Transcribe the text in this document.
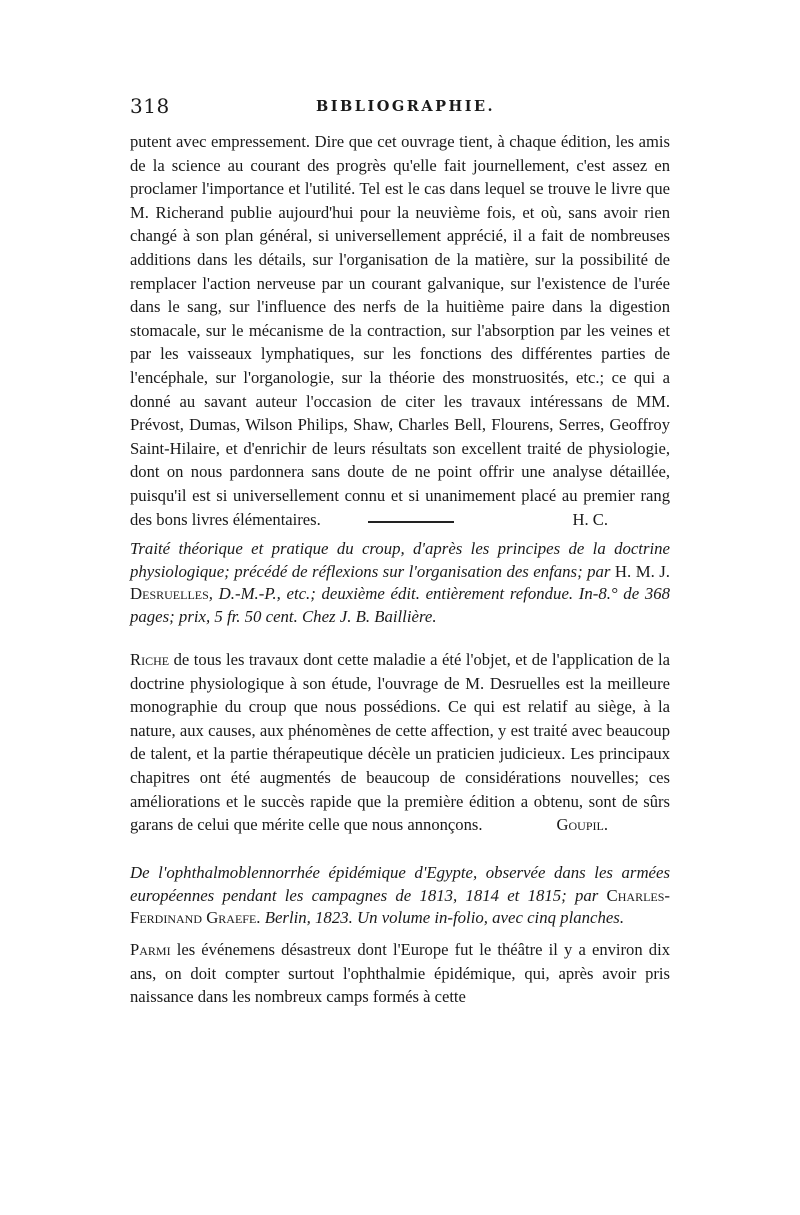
318	BIBLIOGRAPHIE.
putent avec empressement. Dire que cet ouvrage tient, à chaque édition, les amis de la science au courant des progrès qu'elle fait journellement, c'est assez en proclamer l'importance et l'utilité. Tel est le cas dans lequel se trouve le livre que M. Richerand publie aujourd'hui pour la neuvième fois, et où, sans avoir rien changé à son plan général, si universellement apprécié, il a fait de nombreuses additions dans les détails, sur l'organisation de la matière, sur la possibilité de remplacer l'action nerveuse par un courant galvanique, sur l'existence de l'urée dans le sang, sur l'influence des nerfs de la huitième paire dans la digestion stomacale, sur le mécanisme de la contraction, sur l'absorption par les veines et par les vaisseaux lymphatiques, sur les fonctions des différentes parties de l'encéphale, sur l'organologie, sur la théorie des monstruosités, etc.; ce qui a donné au savant auteur l'occasion de citer les travaux intéressans de MM. Prévost, Dumas, Wilson Philips, Shaw, Charles Bell, Flourens, Serres, Geoffroy Saint-Hilaire, et d'enrichir de leurs résultats son excellent traité de physiologie, dont on nous pardonnera sans doute de ne point offrir une analyse détaillée, puisqu'il est si universellement connu et si unanimement placé au premier rang des bons livres élémentaires.	H. C.
Traité théorique et pratique du croup, d'après les principes de la doctrine physiologique; précédé de réflexions sur l'organisation des enfans; par H. M. J. Desruelles, D.-M.-P., etc.; deuxième édit. entièrement refondue. In-8.° de 368 pages; prix, 5 fr. 50 cent. Chez J. B. Baillière.
Riche de tous les travaux dont cette maladie a été l'objet, et de l'application de la doctrine physiologique à son étude, l'ouvrage de M. Desruelles est la meilleure monographie du croup que nous possédions. Ce qui est relatif au siège, à la nature, aux causes, aux phénomènes de cette affection, y est traité avec beaucoup de talent, et la partie thérapeutique décèle un praticien judicieux. Les principaux chapitres ont été augmentés de beaucoup de considérations nouvelles; ces améliorations et le succès rapide que la première édition a obtenu, sont de sûrs garans de celui que mérite celle que nous annonçons.	Goupil.
De l'ophthalmoblennorrhée épidémique d'Egypte, observée dans les armées européennes pendant les campagnes de 1813, 1814 et 1815; par Charles-Ferdinand Graefe. Berlin, 1823. Un volume in-folio, avec cinq planches.
Parmi les événemens désastreux dont l'Europe fut le théâtre il y a environ dix ans, on doit compter surtout l'ophthalmie épidémique, qui, après avoir pris naissance dans les nombreux camps formés à cette
